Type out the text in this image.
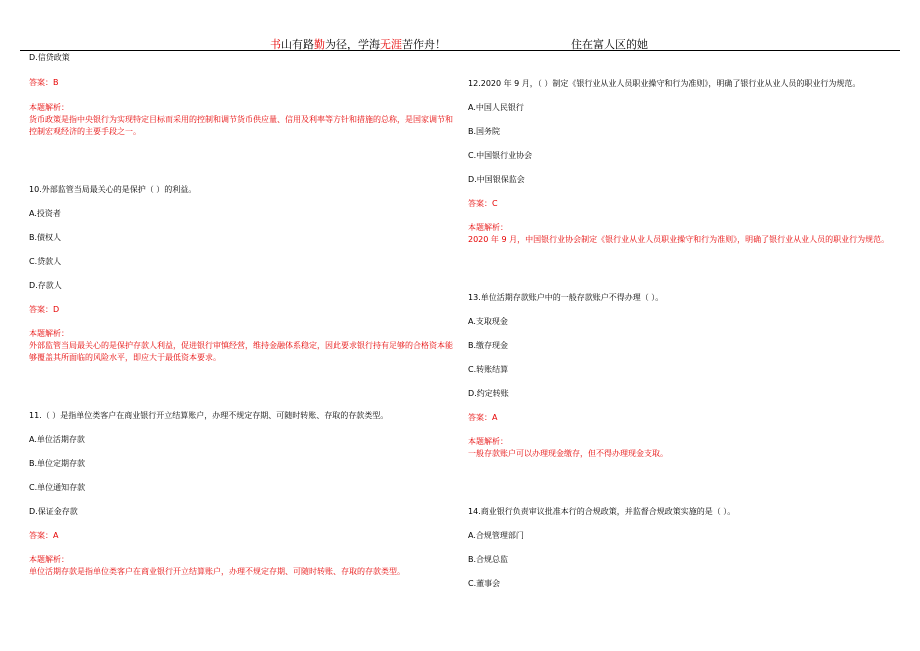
书山有路勤为径，学海无涯苦作舟！	住在富人区的她

D.信贷政策

答案：B

本题解析：

货币政策是指中央银行为实现特定目标而采用的控制和调节货币供应量、信用及利率等方针和措施的总称，是国家调节和控制宏观经济的主要手段之一。

10.外部监管当局最关心的是保护（ ）的利益。

A.投资者

B.债权人

C.贷款人

D.存款人

答案：D

本题解析：

外部监管当局最关心的是保护存款人利益，促进银行审慎经营，维持金融体系稳定，因此要求银行持有足够的合格资本能够覆盖其所面临的风险水平，即应大于最低资本要求。

11.（ ）是指单位类客户在商业银行开立结算账户，办理不规定存期、可随时转账、存取的存款类型。

A.单位活期存款

B.单位定期存款

C.单位通知存款

D.保证金存款

答案：A

本题解析：

单位活期存款是指单位类客户在商业银行开立结算账户，办理不规定存期、可随时转账、存取的存款类型。

12.2020 年 9 月，（ ）制定《银行业从业人员职业操守和行为准则》，明确了银行业从业人员的职业行为规范。

A.中国人民银行

B.国务院

C.中国银行业协会

D.中国银保监会

答案：C

本题解析：

2020 年 9 月，中国银行业协会制定《银行业从业人员职业操守和行为准则》，明确了银行业从业人员的职业行为规范。

13.单位活期存款账户中的一般存款账户不得办理（ ）。

A.支取现金

B.缴存现金

C.转账结算

D.约定转账

答案：A

本题解析：

一般存款账户可以办理现金缴存，但不得办理现金支取。

14.商业银行负责审议批准本行的合规政策，并监督合规政策实施的是（ ）。

A.合规管理部门

B.合规总监

C.董事会
